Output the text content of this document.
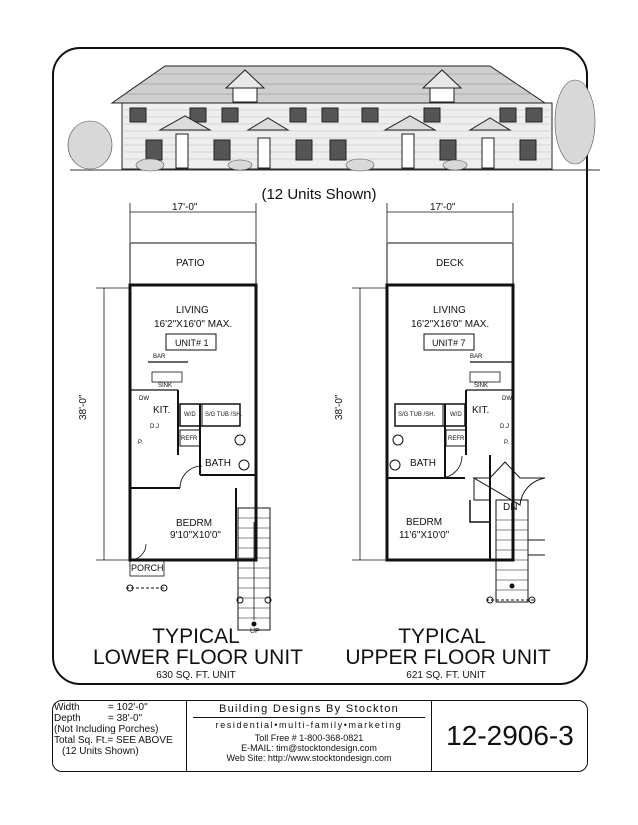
(12 Units Shown)
17'-0"
38'-0"
PATIO
LIVING
16'2"X16'0" MAX.
UNIT# 1
BAR
SINK
KIT.
DW
W/D S/G TUB /SH.
REFR
D.J
P.
BATH
BEDRM
9'10"X10'0"
PORCH
UP
TYPICAL
LOWER FLOOR UNIT
630 SQ. FT. UNIT
17'-0"
38'-0"
DECK
LIVING
16'2"X16'0" MAX.
UNIT# 7
BAR
SINK
KIT.
DW
W/D
S/G TUB /SH.
REFR
D.J
P.
BATH
BEDRM
11'6"X10'0"
DN
TYPICAL
UPPER FLOOR UNIT
621 SQ. FT. UNIT
Width	= 102'-0"
Depth	= 38'-0"
(Not Including Porches)
Total Sq. Ft.= SEE ABOVE
(12 Units Shown)
Building Designs By Stockton
residential•multi-family•marketing
Toll Free # 1-800-368-0821
E-MAIL: tim@stocktondesign.com
Web Site: http://www.stocktondesign.com
12-2906-3
